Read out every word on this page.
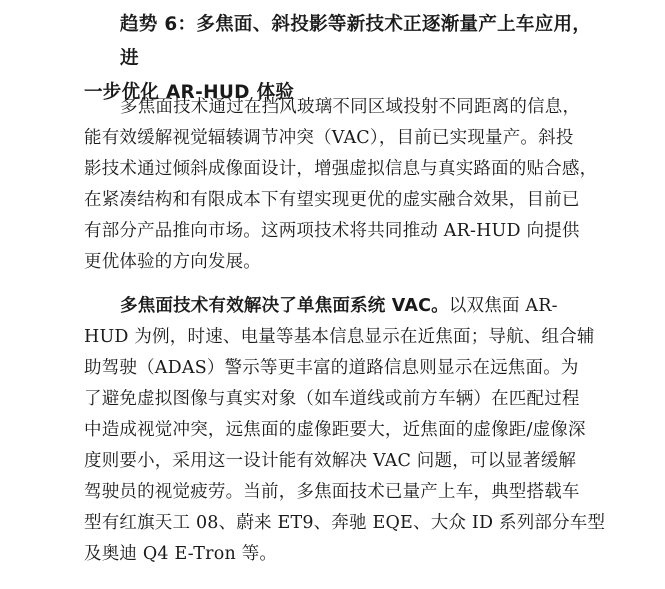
趋势 6：多焦面、斜投影等新技术正逐渐量产上车应用，进
一步优化 AR-HUD 体验
多焦面技术通过在挡风玻璃不同区域投射不同距离的信息，
能有效缓解视觉辐辏调节冲突（VAC），目前已实现量产。斜投
影技术通过倾斜成像面设计，增强虚拟信息与真实路面的贴合感，
在紧凑结构和有限成本下有望实现更优的虚实融合效果，目前已
有部分产品推向市场。这两项技术将共同推动 AR-HUD 向提供
更优体验的方向发展。
多焦面技术有效解决了单焦面系统 VAC。以双焦面 AR-
HUD 为例，时速、电量等基本信息显示在近焦面；导航、组合辅
助驾驶（ADAS）警示等更丰富的道路信息则显示在远焦面。为
了避免虚拟图像与真实对象（如车道线或前方车辆）在匹配过程
中造成视觉冲突，远焦面的虚像距要大，近焦面的虚像距/虚像深
度则要小，采用这一设计能有效解决 VAC 问题，可以显著缓解
驾驶员的视觉疲劳。当前，多焦面技术已量产上车，典型搭载车
型有红旗天工 08、蔚来 ET9、奔驰 EQE、大众 ID 系列部分车型
及奥迪 Q4 E-Tron 等。
